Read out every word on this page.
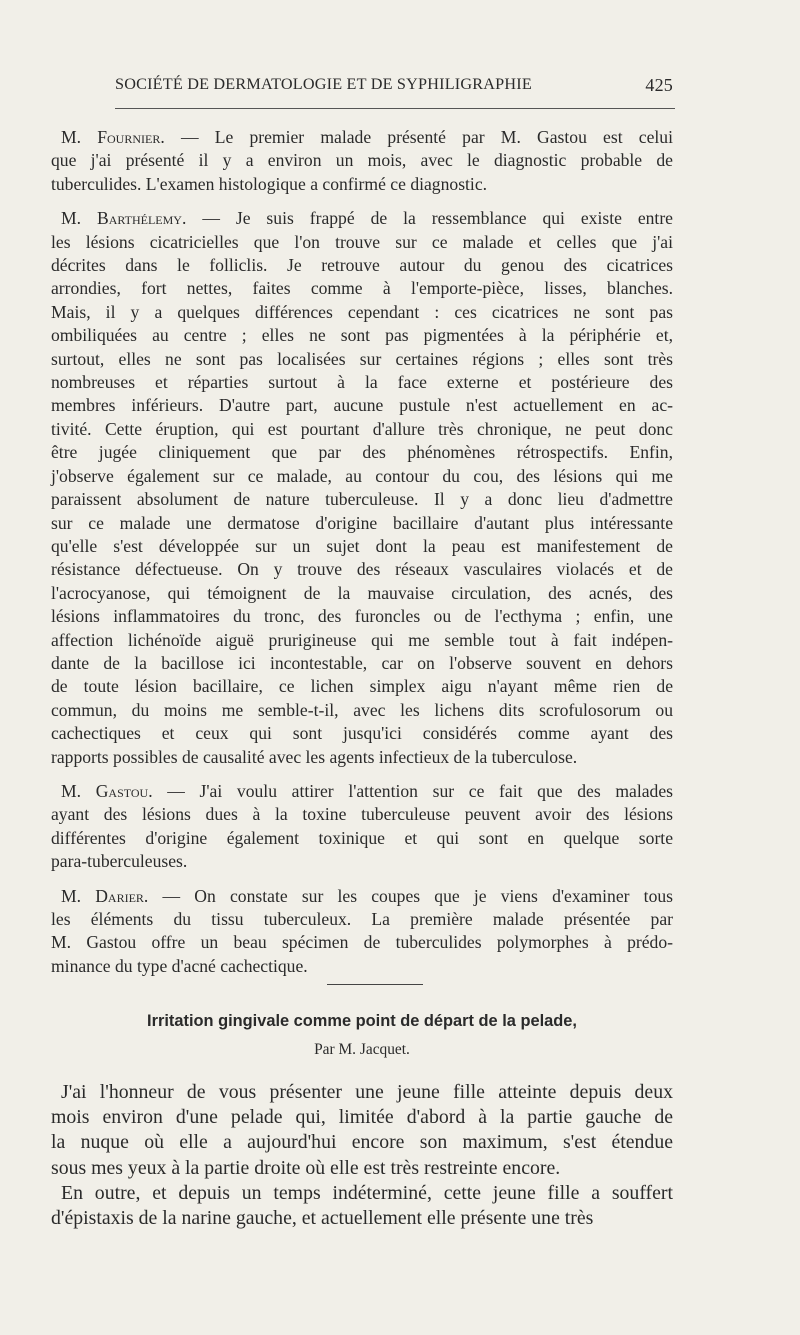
SOCIÉTÉ DE DERMATOLOGIE ET DE SYPHILIGRAPHIE	425
M. Fournier. — Le premier malade présenté par M. Gastou est celui
que j'ai présenté il y a environ un mois, avec le diagnostic probable de
tuberculides. L'examen histologique a confirmé ce diagnostic.
M. Barthélemy. — Je suis frappé de la ressemblance qui existe entre
les lésions cicatricielles que l'on trouve sur ce malade et celles que j'ai
décrites dans le folliclis. Je retrouve autour du genou des cicatrices
arrondies, fort nettes, faites comme à l'emporte-pièce, lisses, blanches.
Mais, il y a quelques différences cependant : ces cicatrices ne sont pas
ombiliquées au centre ; elles ne sont pas pigmentées à la périphérie et,
surtout, elles ne sont pas localisées sur certaines régions ; elles sont très
nombreuses et réparties surtout à la face externe et postérieure des
membres inférieurs. D'autre part, aucune pustule n'est actuellement en ac-
tivité. Cette éruption, qui est pourtant d'allure très chronique, ne peut donc
être jugée cliniquement que par des phénomènes rétrospectifs. Enfin,
j'observe également sur ce malade, au contour du cou, des lésions qui me
paraissent absolument de nature tuberculeuse. Il y a donc lieu d'admettre
sur ce malade une dermatose d'origine bacillaire d'autant plus intéressante
qu'elle s'est développée sur un sujet dont la peau est manifestement de
résistance défectueuse. On y trouve des réseaux vasculaires violacés et de
l'acrocyanose, qui témoignent de la mauvaise circulation, des acnés, des
lésions inflammatoires du tronc, des furoncles ou de l'ecthyma ; enfin, une
affection lichénoïde aiguë prurigineuse qui me semble tout à fait indépen-
dante de la bacillose ici incontestable, car on l'observe souvent en dehors
de toute lésion bacillaire, ce lichen simplex aigu n'ayant même rien de
commun, du moins me semble-t-il, avec les lichens dits scrofulosorum ou
cachectiques et ceux qui sont jusqu'ici considérés comme ayant des
rapports possibles de causalité avec les agents infectieux de la tuberculose.
M. Gastou. — J'ai voulu attirer l'attention sur ce fait que des malades
ayant des lésions dues à la toxine tuberculeuse peuvent avoir des lésions
différentes d'origine également toxinique et qui sont en quelque sorte
para-tuberculeuses.
M. Darier. — On constate sur les coupes que je viens d'examiner tous
les éléments du tissu tuberculeux. La première malade présentée par
M. Gastou offre un beau spécimen de tuberculides polymorphes à prédo-
minance du type d'acné cachectique.
Irritation gingivale comme point de départ de la pelade,
Par M. Jacquet.
J'ai l'honneur de vous présenter une jeune fille atteinte depuis deux
mois environ d'une pelade qui, limitée d'abord à la partie gauche de
la nuque où elle a aujourd'hui encore son maximum, s'est étendue
sous mes yeux à la partie droite où elle est très restreinte encore.
En outre, et depuis un temps indéterminé, cette jeune fille a souffert
d'épistaxis de la narine gauche, et actuellement elle présente une très
